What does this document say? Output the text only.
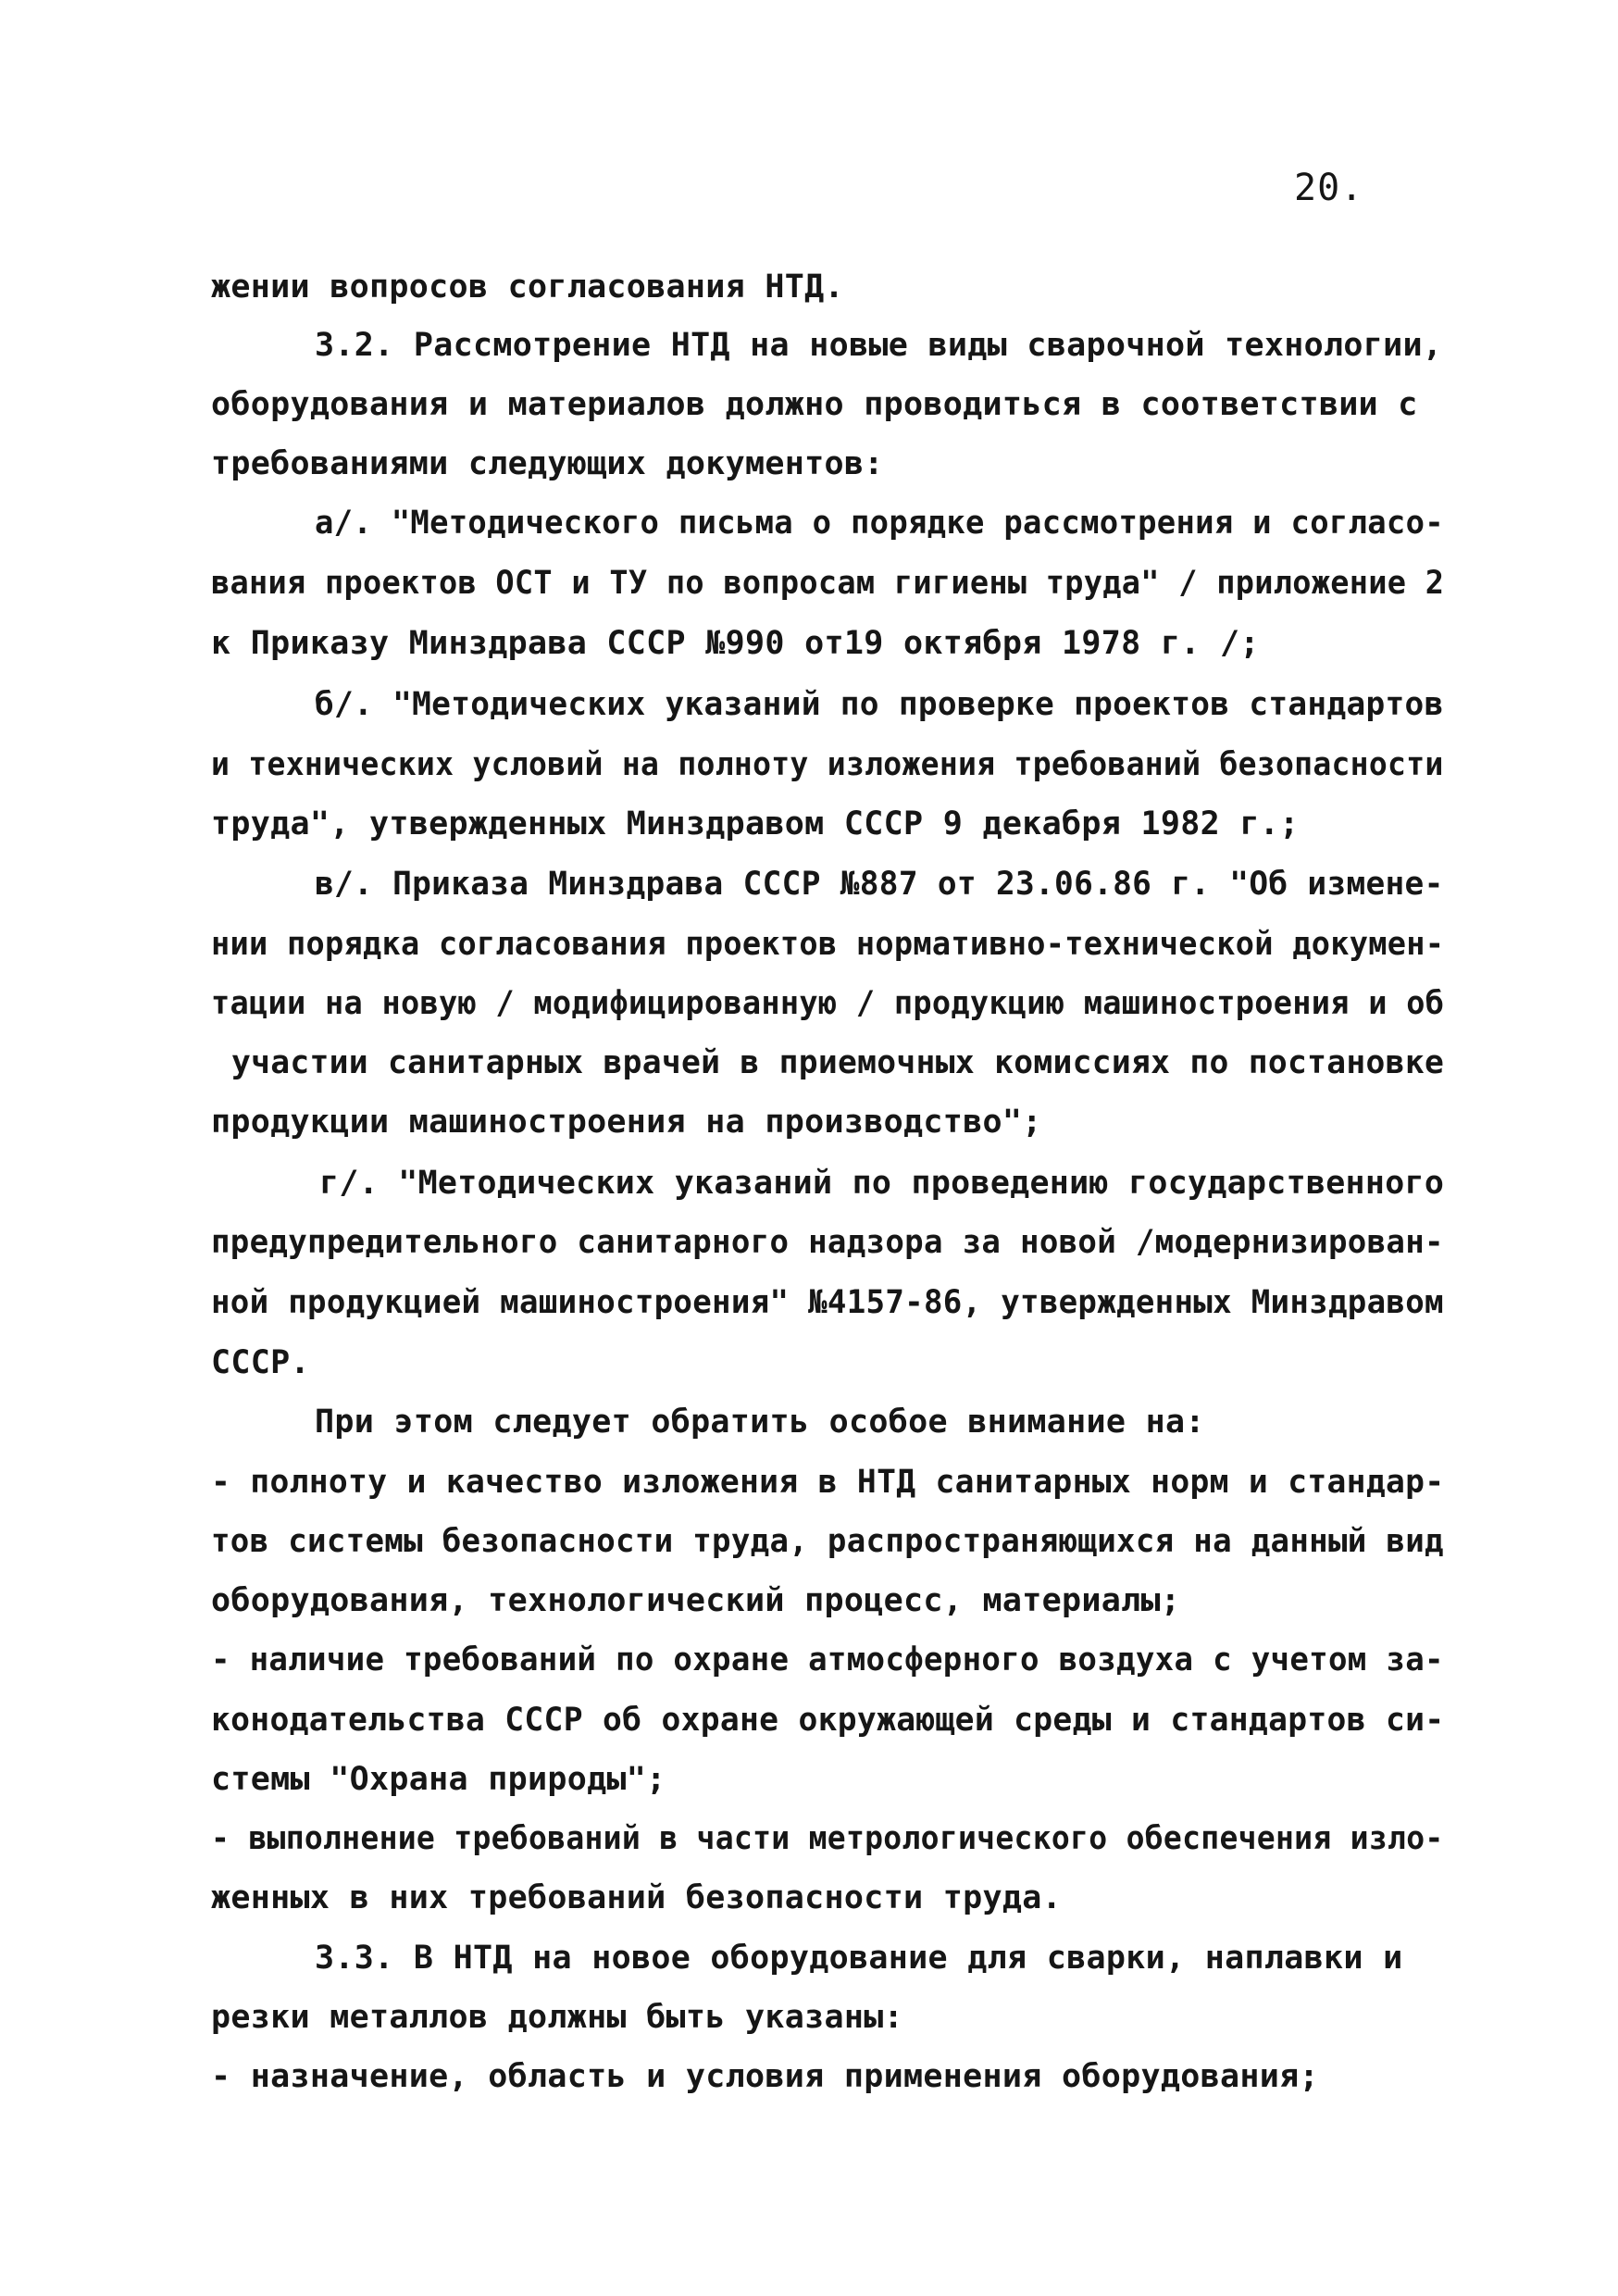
20.
жении вопросов согласования НТД.
3.2. Рассмотрение НТД на новые виды сварочной технологии,
оборудования и материалов должно проводиться в соответствии с
требованиями следующих документов:
а/. "Методического письма о порядке рассмотрения и согласо-
вания проектов ОСТ и ТУ по вопросам гигиены труда" / приложение 2
к Приказу Минздрава СССР №990 от19 октября 1978 г. /;
б/. "Методических указаний по проверке проектов стандартов
и технических условий на полноту изложения требований безопасности
труда", утвержденных Минздравом СССР 9 декабря 1982 г.;
в/. Приказа Минздрава СССР №887 от 23.06.86 г. "Об измене-
нии порядка согласования проектов нормативно-технической докумен-
тации на новую / модифицированную / продукцию машиностроения и об
участии санитарных врачей в приемочных комиссиях по постановке
продукции машиностроения на производство";
г/. "Методических указаний по проведению государственного
предупредительного санитарного надзора за новой /модернизирован-
ной продукцией машиностроения" №4157-86, утвержденных Минздравом
СССР.
При этом следует обратить особое внимание на:
- полноту и качество изложения в НТД санитарных норм и стандар-
тов системы безопасности труда, распространяющихся на данный вид
оборудования, технологический процесс, материалы;
- наличие требований по охране атмосферного воздуха с учетом за-
конодательства СССР об охране окружающей среды и стандартов си-
стемы "Охрана природы";
- выполнение требований в части метрологического обеспечения изло-
женных в них требований безопасности труда.
3.3. В НТД на новое оборудование для сварки, наплавки и
резки металлов должны быть указаны:
- назначение, область и условия применения оборудования;
